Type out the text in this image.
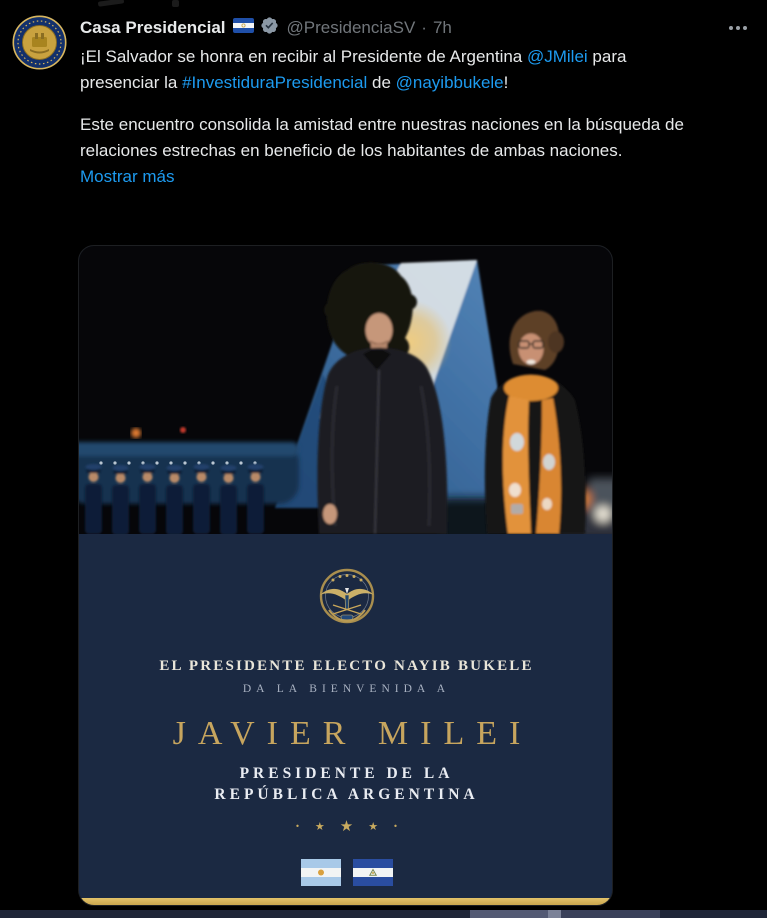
Casa Presidencial	@PresidenciaSV · 7h

¡El Salvador se honra en recibir al Presidente de Argentina @JMilei para presenciar la #InvestiduraPresidencial de @nayibbukele!

Este encuentro consolida la amistad entre nuestras naciones en la búsqueda de relaciones estrechas en beneficio de los habitantes de ambas naciones.

Mostrar más
EL PRESIDENTE ELECTO NAYIB BUKELE
DA LA BIENVENIDA A
JAVIER MILEI
PRESIDENTE DE LA
REPÚBLICA ARGENTINA
• ★ ★ ★ •
